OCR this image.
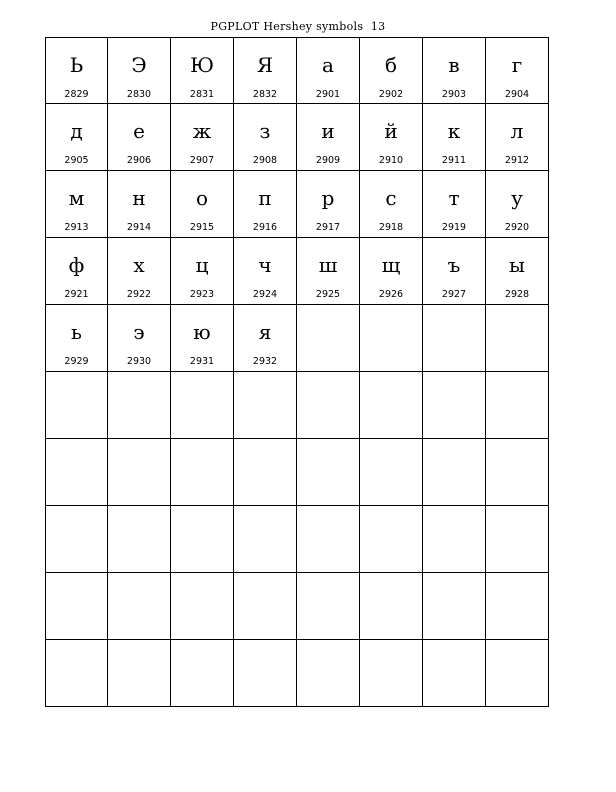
PGPLOT Hershey symbols  13
Ь
2829
Э
2830
Ю
2831
Я
2832
а
2901
б
2902
в
2903
г
2904
д
2905
е
2906
ж
2907
з
2908
и
2909
й
2910
к
2911
л
2912
м
2913
н
2914
о
2915
п
2916
р
2917
с
2918
т
2919
у
2920
ф
2921
х
2922
ц
2923
ч
2924
ш
2925
щ
2926
ъ
2927
ы
2928
ь
2929
э
2930
ю
2931
я
2932
